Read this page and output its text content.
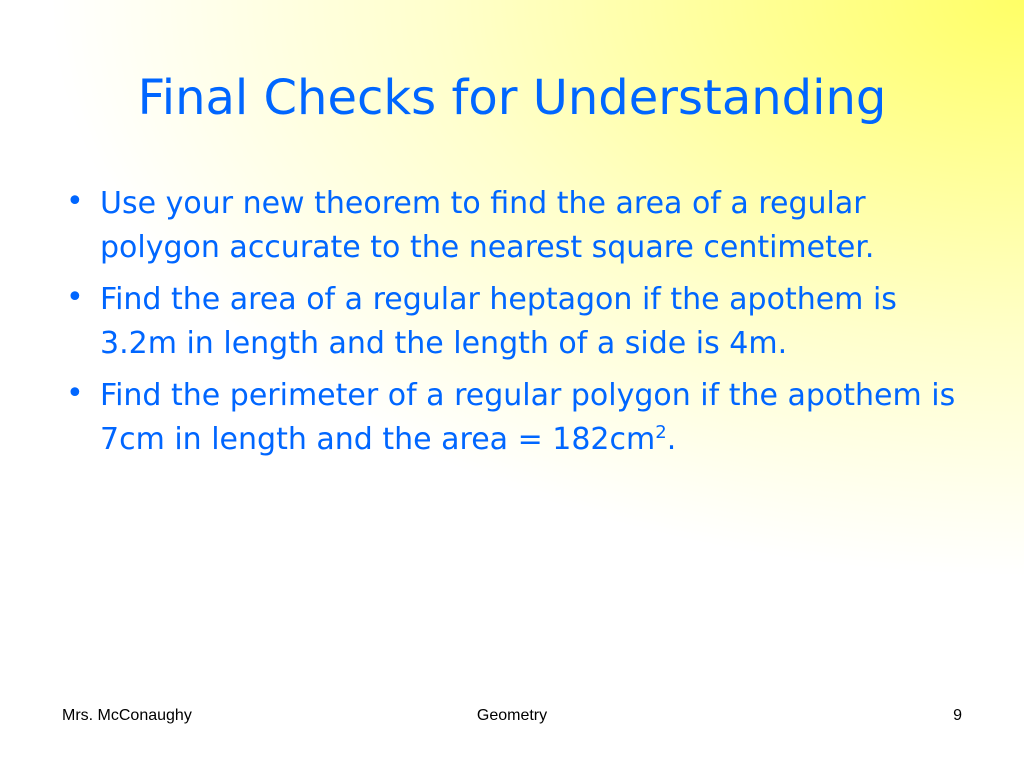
Final Checks for Understanding
• Use your new theorem to find the area of a regular polygon accurate to the nearest square centimeter.
• Find the area of a regular heptagon if the apothem is 3.2m in length and the length of a side is 4m.
• Find the perimeter of a regular polygon if the apothem is 7cm in length and the area = $182cm^2$.
Mrs. McConaughy	Geometry	9
